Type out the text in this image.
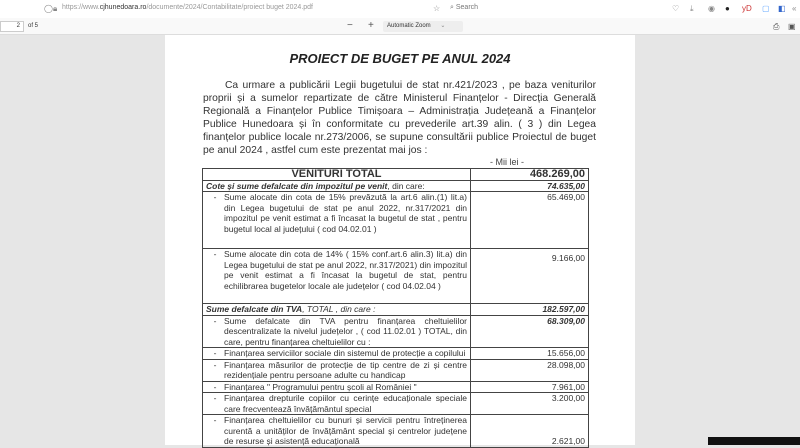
◯ 🔒︎ https://www.cjhunedoara.ro/documente/2024/Contabilitate/proiect buget 2024.pdf	☆ ⌕ Search	♡ ⤓ ◉ ● yD ▢ ◧ «
2	of 5	− +	Automatic Zoom ⌄	⎙ ▣
PROIECT DE BUGET PE ANUL 2024

Ca urmare a publicării Legii bugetului de stat nr.421/2023 , pe baza veniturilor proprii și a sumelor repartizate de către Ministerul Finanțelor - Direcția Generală Regională a Finanțelor Publice Timișoara – Administrația Județeană a Finanțelor Publice Hunedoara și în conformitate cu prevederile art.39 alin. ( 3 ) din Legea finanțelor publice locale nr.273/2006, se supune consultării publice Proiectul de buget pe anul 2024 , astfel cum este prezentat mai jos :

- Mii lei -
VENITURI TOTAL	468.269,00
Cote și sume defalcate din impozitul pe venit, din care:	74.635,00

- Sume alocate din cota de 15% prevăzută la art.6 alin.(1) lit.a) din Legea bugetului de stat pe anul 2022, nr.317/2021 din impozitul pe venit estimat a fi încasat la bugetul de stat , pentru bugetul local al județului ( cod 04.02.01 )	65.469,00

- Sume alocate din cota de 14% ( 15% conf.art.6 alin.3) lit.a) din Legea bugetului de stat pe anul 2022, nr.317/2021) din impozitul pe venit estimat a fi încasat la bugetul de stat, pentru echilibrarea bugetelor locale ale județelor ( cod 04.02.04 )	9.166,00
Sume defalcate din TVA, TOTAL , din care :	182.597,00

- Sume defalcate din TVA pentru finanțarea cheltuielilor descentralizate la nivelul județelor , ( cod 11.02.01 ) TOTAL, din care, pentru finanțarea cheltuielilor cu :	68.309,00

- Finanțarea serviciilor sociale din sistemul de protecție a copilului	15.656,00

- Finanțarea măsurilor de protecție de tip centre de zi și centre rezidențiale pentru persoane adulte cu handicap	28.098,00

- Finanțarea " Programului pentru școli al României "	7.961,00

- Finanțarea drepturile copiilor cu cerințe educaționale speciale care frecventează învățământul special	3.200,00

- Finanțarea cheltuielilor cu bunuri și servicii pentru întreținerea curentă a unităților de învățământ special și centrelor județene de resurse și asistență educațională	2.621,00
